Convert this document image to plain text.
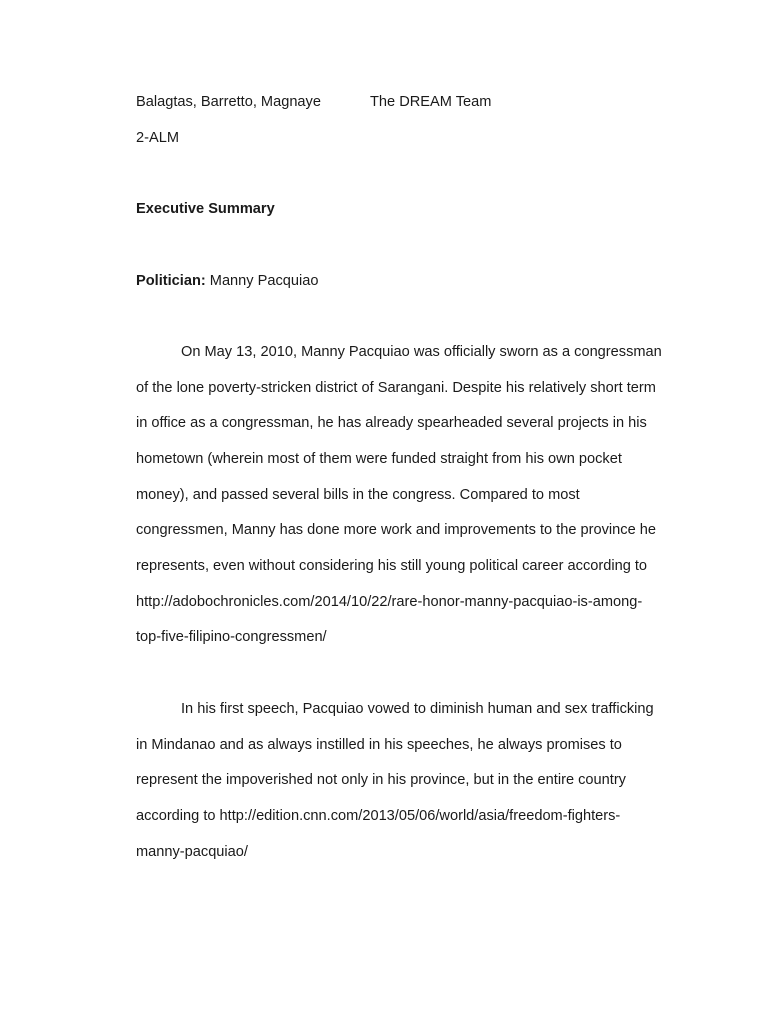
Balagtas, Barretto, Magnaye	The DREAM Team
2-ALM
Executive Summary
Politician: Manny Pacquiao
On May 13, 2010, Manny Pacquiao was officially sworn as a congressman
of the lone poverty-stricken district of Sarangani. Despite his relatively short term
in office as a congressman, he has already spearheaded several projects in his
hometown (wherein most of them were funded straight from his own pocket
money), and passed several bills in the congress. Compared to most
congressmen, Manny has done more work and improvements to the province he
represents, even without considering his still young political career according to
http://adobochronicles.com/2014/10/22/rare-honor-manny-pacquiao-is-among-
top-five-filipino-congressmen/
In his first speech, Pacquiao vowed to diminish human and sex trafficking
in Mindanao and as always instilled in his speeches, he always promises to
represent the impoverished not only in his province, but in the entire country
according to http://edition.cnn.com/2013/05/06/world/asia/freedom-fighters-
manny-pacquiao/
